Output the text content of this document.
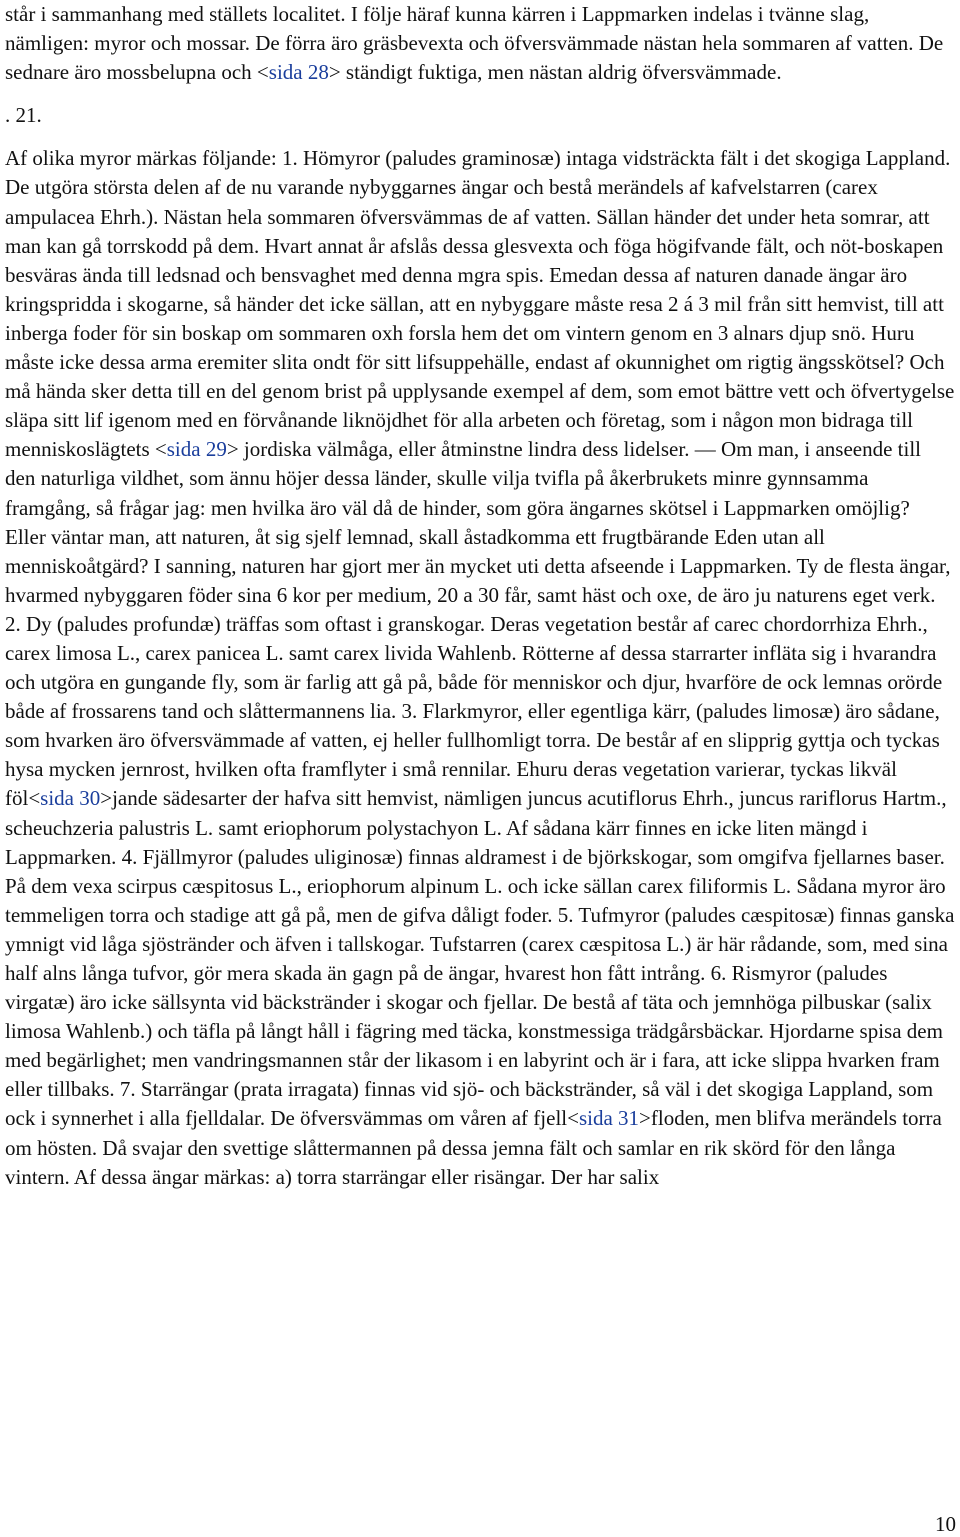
står i sammanhang med ställets localitet. I följe häraf kunna kärren i Lappmarken indelas i tvänne slag, nämligen: myror och mossar. De förra äro gräsbevexta och öfversvämmade nästan hela sommaren af vatten. De sednare äro mossbelupna och <sida 28> ständigt fuktiga, men nästan aldrig öfversvämmade.

. 21.

Af olika myror märkas följande: 1. Hömyror (paludes graminosæ) intaga vidsträckta fält i det skogiga Lappland. De utgöra största delen af de nu varande nybyggarnes ängar och bestå merändels af kafvelstarren (carex ampulacea Ehrh.). Nästan hela sommaren öfversvämmas de af vatten. Sällan händer det under heta somrar, att man kan gå torrskodd på dem. Hvart annat år afslås dessa glesvexta och föga högifvande fält, och nöt-boskapen besväras ända till ledsnad och bensvaghet med denna mgra spis. Emedan dessa af naturen danade ängar äro kringspridda i skogarne, så händer det icke sällan, att en nybyggare måste resa 2 á 3 mil från sitt hemvist, till att inberga foder för sin boskap om sommaren oxh forsla hem det om vintern genom en 3 alnars djup snö. Huru måste icke dessa arma eremiter slita ondt för sitt lifsuppehälle, endast af okunnighet om rigtig ängsskötsel? Och må hända sker detta till en del genom brist på upplysande exempel af dem, som emot bättre vett och öfvertygelse släpa sitt lif igenom med en förvånande liknöjdhet för alla arbeten och företag, som i någon mon bidraga till menniskoslägtets <sida 29> jordiska välmåga, eller åtminstne lindra dess lidelser. — Om man, i anseende till den naturliga vildhet, som ännu höjer dessa länder, skulle vilja tvifla på åkerbrukets minre gynnsamma framgång, så frågar jag: men hvilka äro väl då de hinder, som göra ängarnes skötsel i Lappmarken omöjlig? Eller väntar man, att naturen, åt sig sjelf lemnad, skall åstadkomma ett frugtbärande Eden utan all menniskoåtgärd? I sanning, naturen har gjort mer än mycket uti detta afseende i Lappmarken. Ty de flesta ängar, hvarmed nybyggaren föder sina 6 kor per medium, 20 a 30 får, samt häst och oxe, de äro ju naturens eget verk. 2. Dy (paludes profundæ) träffas som oftast i granskogar. Deras vegetation består af carec chordorrhiza Ehrh., carex limosa L., carex panicea L. samt carex livida Wahlenb. Rötterne af dessa starrarter infläta sig i hvarandra och utgöra en gungande fly, som är farlig att gå på, både för menniskor och djur, hvarföre de ock lemnas orörde både af frossarens tand och slåttermannens lia. 3. Flarkmyror, eller egentliga kärr, (paludes limosæ) äro sådane, som hvarken äro öfversvämmade af vatten, ej heller fullhomligt torra. De består af en slipprig gyttja och tyckas hysa mycken jernrost, hvilken ofta framflyter i små rennilar. Ehuru deras vegetation varierar, tyckas likväl föl<sida 30>jande sädesarter der hafva sitt hemvist, nämligen juncus acutiflorus Ehrh., juncus rariflorus Hartm., scheuchzeria palustris L. samt eriophorum polystachyon L. Af sådana kärr finnes en icke liten mängd i Lappmarken. 4. Fjällmyror (paludes uliginosæ) finnas aldramest i de björkskogar, som omgifva fjellarnes baser. På dem vexa scirpus cæspitosus L., eriophorum alpinum L. och icke sällan carex filiformis L. Sådana myror äro temmeligen torra och stadige att gå på, men de gifva dåligt foder. 5. Tufmyror (paludes cæspitosæ) finnas ganska ymnigt vid låga sjöstränder och äfven i tallskogar. Tufstarren (carex cæspitosa L.) är här rådande, som, med sina half alns långa tufvor, gör mera skada än gagn på de ängar, hvarest hon fått intrång. 6. Rismyror (paludes virgatæ) äro icke sällsynta vid bäckstränder i skogar och fjellar. De bestå af täta och jemnhöga pilbuskar (salix limosa Wahlenb.) och täfla på långt håll i fägring med täcka, konstmessiga trädgårsbäckar. Hjordarne spisa dem med begärlighet; men vandringsmannen står der likasom i en labyrint och är i fara, att icke slippa hvarken fram eller tillbaks. 7. Starrängar (prata irragata) finnas vid sjö- och bäckstränder, så väl i det skogiga Lappland, som ock i synnerhet i alla fjelldalar. De öfversvämmas om våren af fjell<sida 31>floden, men blifva merändels torra om hösten. Då svajar den svettige slåttermannen på dessa jemna fält och samlar en rik skörd för den långa vintern. Af dessa ängar märkas: a) torra starrängar eller risängar. Der har salix

10
